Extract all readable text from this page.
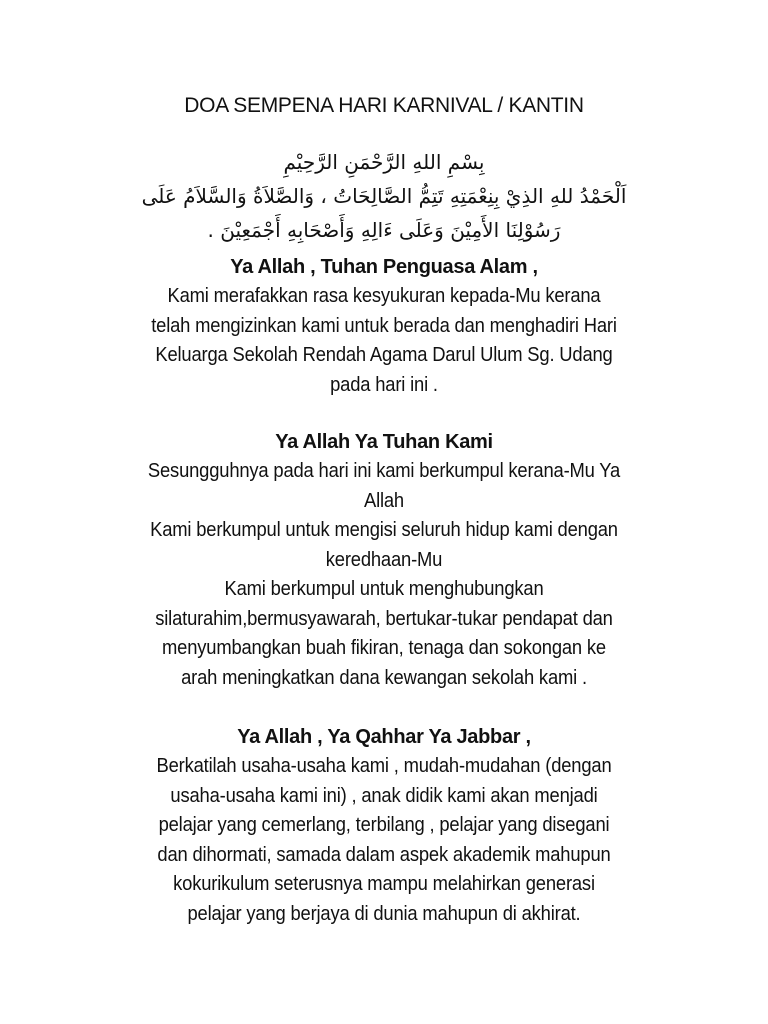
DOA SEMPENA HARI KARNIVAL / KANTIN
بِسْمِ اللهِ الرَّحْمَنِ الرَّحِيْمِ
اَلْحَمْدُ للهِ الذِيْ بِنِعْمَتِهِ تَتِمُّ الصَّالِحَاتُ ، وَالصَّلاَةُ وَالسَّلاَمُ عَلَى
رَسُوْلِنَا الأَمِيْنَ وَعَلَى ءَالِهِ وَأَصْحَابِهِ أَجْمَعِيْنَ .
Ya Allah , Tuhan Penguasa Alam ,
Kami merafakkan rasa kesyukuran kepada-Mu kerana
telah mengizinkan kami untuk berada dan menghadiri Hari
Keluarga Sekolah Rendah Agama Darul Ulum Sg. Udang
pada hari ini .
Ya Allah Ya Tuhan Kami
Sesungguhnya pada hari ini kami berkumpul kerana-Mu Ya
Allah
Kami berkumpul untuk mengisi seluruh hidup kami dengan
keredhaan-Mu
Kami berkumpul untuk menghubungkan
silaturahim,bermusyawarah, bertukar-tukar pendapat dan
menyumbangkan buah fikiran, tenaga dan sokongan ke
arah meningkatkan dana kewangan sekolah kami .
Ya Allah , Ya Qahhar Ya Jabbar ,
Berkatilah usaha-usaha kami , mudah-mudahan (dengan
usaha-usaha kami ini) , anak didik kami akan menjadi
pelajar yang cemerlang, terbilang , pelajar yang disegani
dan dihormati, samada dalam aspek akademik mahupun
kokurikulum seterusnya mampu melahirkan generasi
pelajar yang berjaya di dunia mahupun di akhirat.
